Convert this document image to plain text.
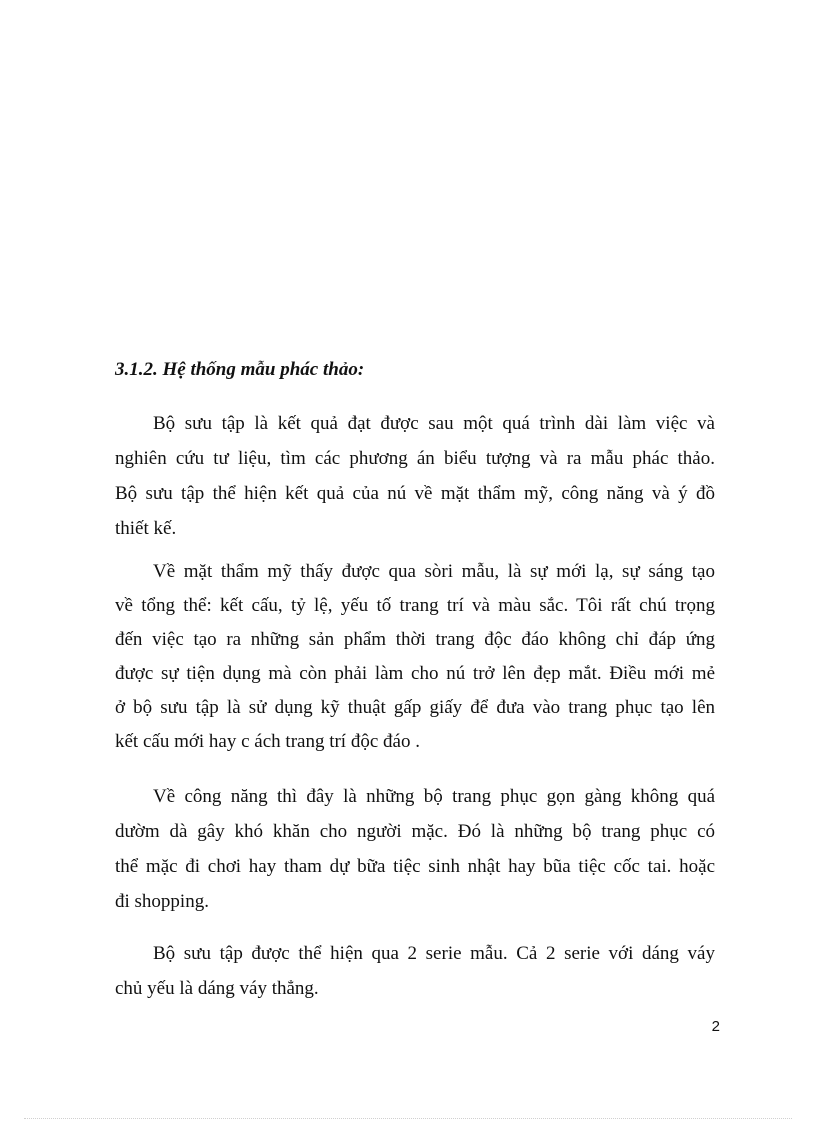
3.1.2. Hệ thống mẫu phác thảo:
Bộ sưu tập là kết quả đạt được sau một quá trình dài làm việc và
nghiên cứu tư liệu, tìm các phương án biểu tượng và ra mẫu phác thảo.
Bộ sưu tập thể hiện kết quả của nú về mặt thẩm mỹ, công năng và ý đồ
thiết kế.
Về mặt thẩm mỹ thấy được qua sòri mẫu, là sự mới lạ, sự sáng tạo
về tổng thể: kết cấu, tỷ lệ, yếu tố trang trí và màu sắc. Tôi rất chú trọng
đến việc tạo ra những sản phẩm thời trang độc đáo không chỉ đáp ứng
được sự tiện dụng mà còn phải làm cho nú trở lên đẹp mắt. Điều mới mẻ
ở bộ sưu tập là sử dụng kỹ thuật gấp giấy để đưa vào trang phục tạo lên
kết cấu mới hay c ách trang trí độc đáo .
Về công năng thì đây là những bộ trang phục gọn gàng không quá
dườm dà gây khó khăn cho người mặc. Đó là những bộ trang phục có
thể mặc đi chơi hay tham dự bữa tiệc sinh nhật hay bũa tiệc cốc tai. hoặc
đi shopping.
Bộ sưu tập được thể hiện qua 2 serie mẫu. Cả 2 serie với dáng váy
chủ yếu là dáng váy thẳng.
2
